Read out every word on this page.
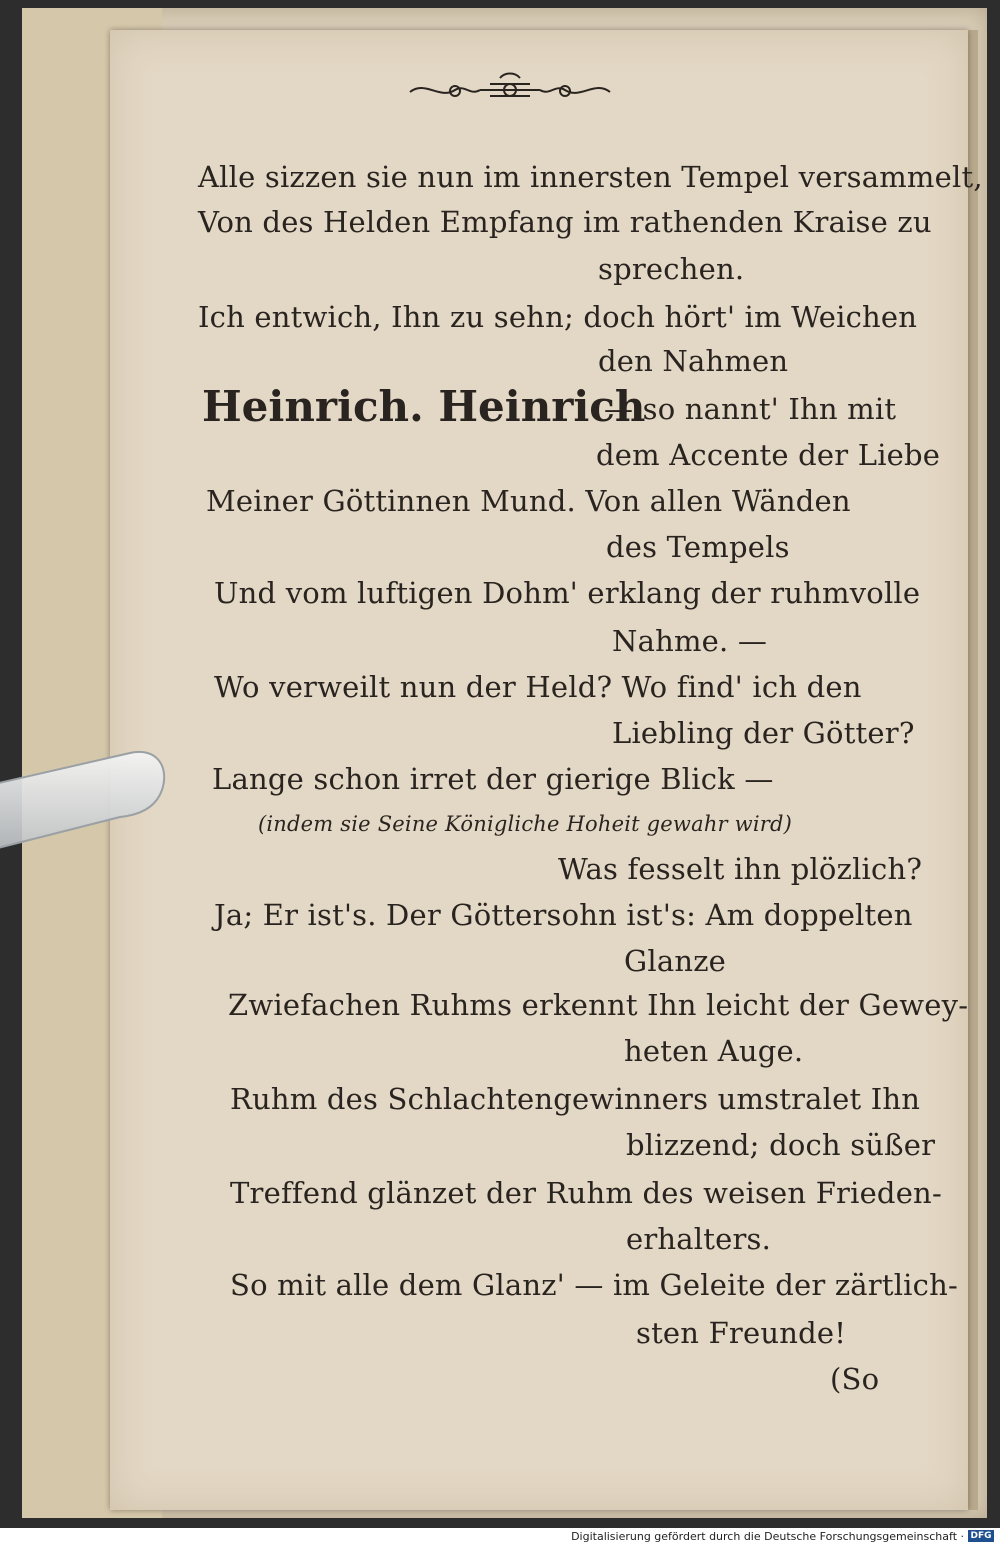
Alle sizzen sie nun im innersten Tempel versammelt,
Von des Helden Empfang im rathenden Kraise zu
sprechen.
Ich entwich, Ihn zu sehn; doch hört' im Weichen
den Nahmen
Heinrich. Heinrich
— so nannt' Ihn mit
dem Accente der Liebe
Meiner Göttinnen Mund. Von allen Wänden
des Tempels
Und vom luftigen Dohm' erklang der ruhmvolle
Nahme. —
Wo verweilt nun der Held? Wo find' ich den
Liebling der Götter?
Lange schon irret der gierige Blick —
(indem sie Seine Königliche Hoheit gewahr wird)
Was fesselt ihn plözlich?
Ja; Er ist's. Der Göttersohn ist's: Am doppelten
Glanze
Zwiefachen Ruhms erkennt Ihn leicht der Gewey-
heten Auge.
Ruhm des Schlachtengewinners umstralet Ihn
blizzend; doch süßer
Treffend glänzet der Ruhm des weisen Frieden-
erhalters.
So mit alle dem Glanz' — im Geleite der zärtlich-
sten Freunde!
(So
Digitalisierung gefördert durch die Deutsche Forschungsgemeinschaft · DFG
